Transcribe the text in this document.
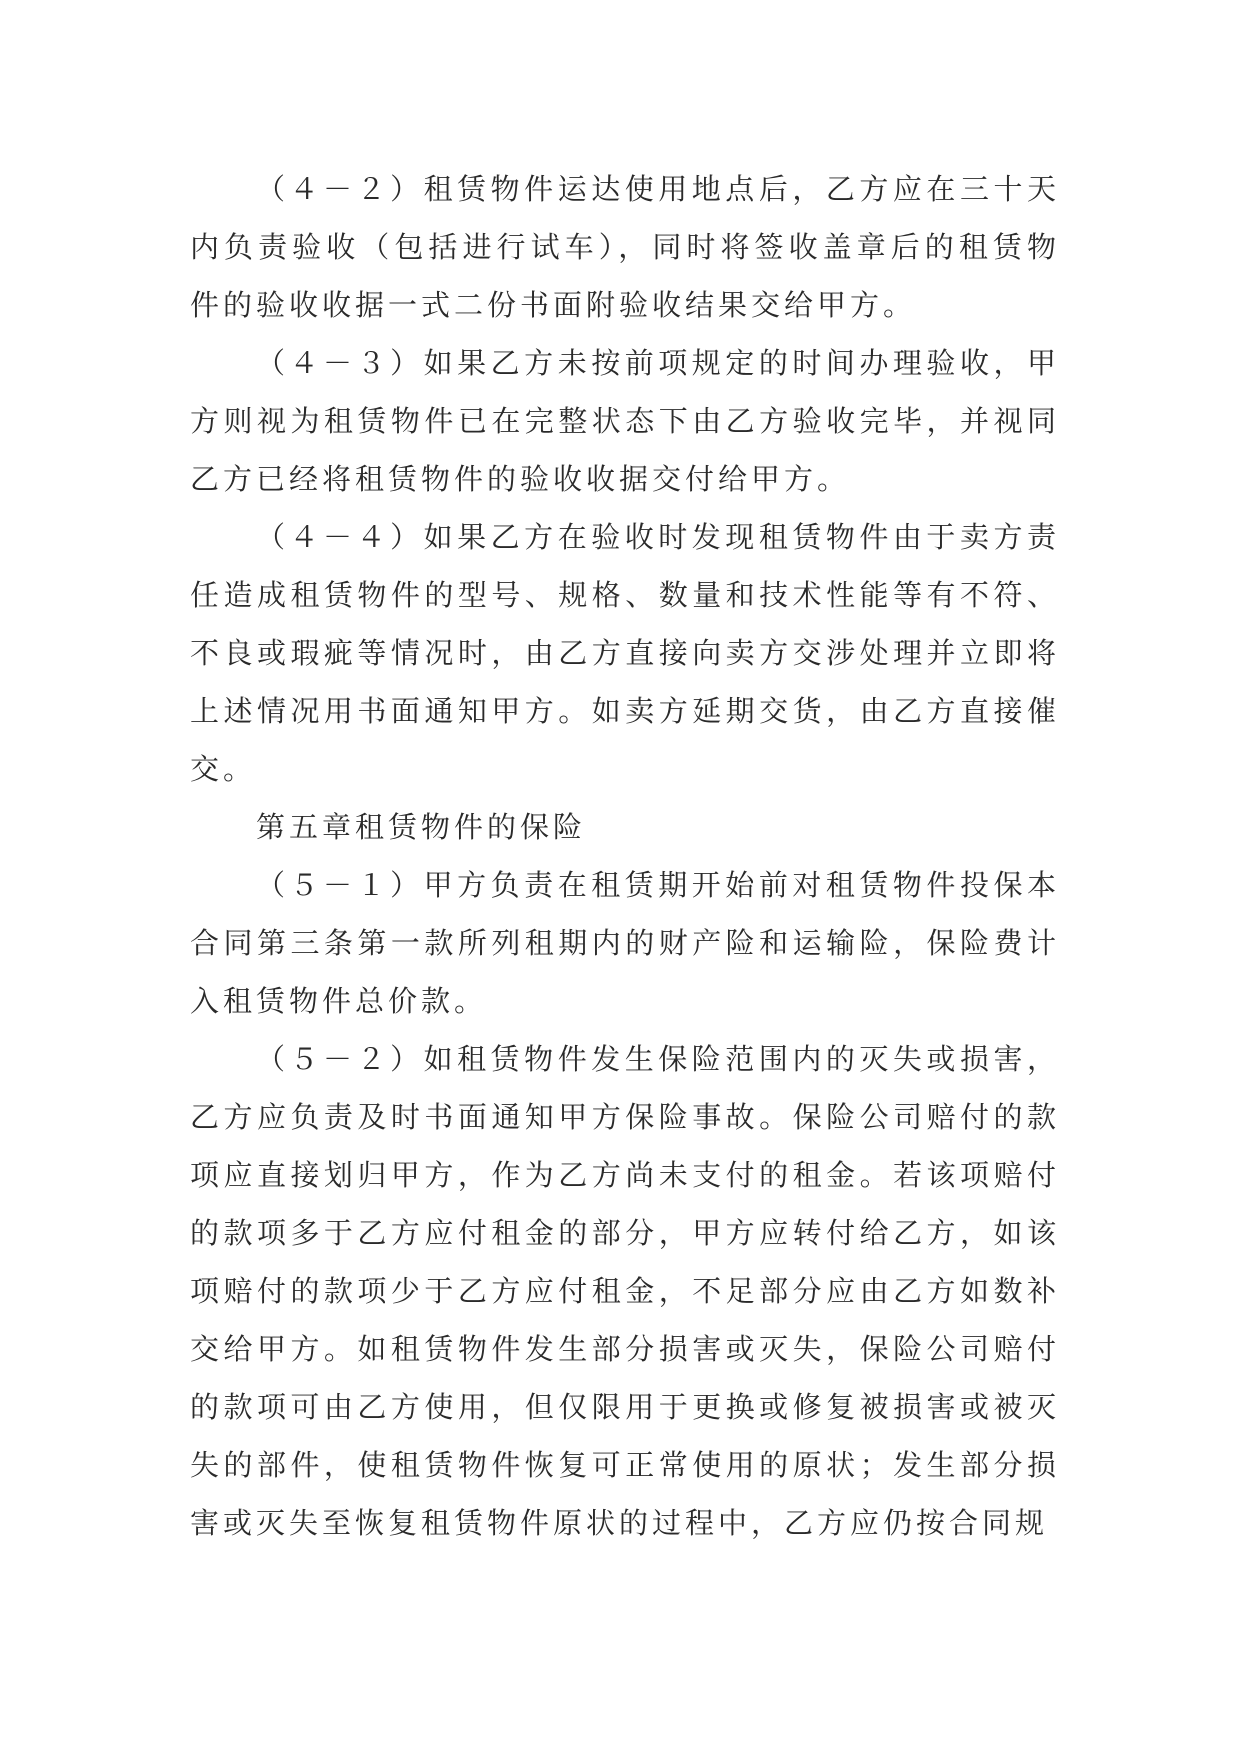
（４－２）租赁物件运达使用地点后，乙方应在三十天内负责验收（包括进行试车），同时将签收盖章后的租赁物件的验收收据一式二份书面附验收结果交给甲方。

（４－３）如果乙方未按前项规定的时间办理验收，甲方则视为租赁物件已在完整状态下由乙方验收完毕，并视同乙方已经将租赁物件的验收收据交付给甲方。

（４－４）如果乙方在验收时发现租赁物件由于卖方责任造成租赁物件的型号、规格、数量和技术性能等有不符、不良或瑕疵等情况时，由乙方直接向卖方交涉处理并立即将上述情况用书面通知甲方。如卖方延期交货，由乙方直接催交。

第五章租赁物件的保险

（５－１）甲方负责在租赁期开始前对租赁物件投保本合同第三条第一款所列租期内的财产险和运输险，保险费计入租赁物件总价款。

（５－２）如租赁物件发生保险范围内的灭失或损害，乙方应负责及时书面通知甲方保险事故。保险公司赔付的款项应直接划归甲方，作为乙方尚未支付的租金。若该项赔付的款项多于乙方应付租金的部分，甲方应转付给乙方，如该项赔付的款项少于乙方应付租金，不足部分应由乙方如数补交给甲方。如租赁物件发生部分损害或灭失，保险公司赔付的款项可由乙方使用，但仅限用于更换或修复被损害或被灭失的部件，使租赁物件恢复可正常使用的原状；发生部分损害或灭失至恢复租赁物件原状的过程中，乙方应仍按合同规
